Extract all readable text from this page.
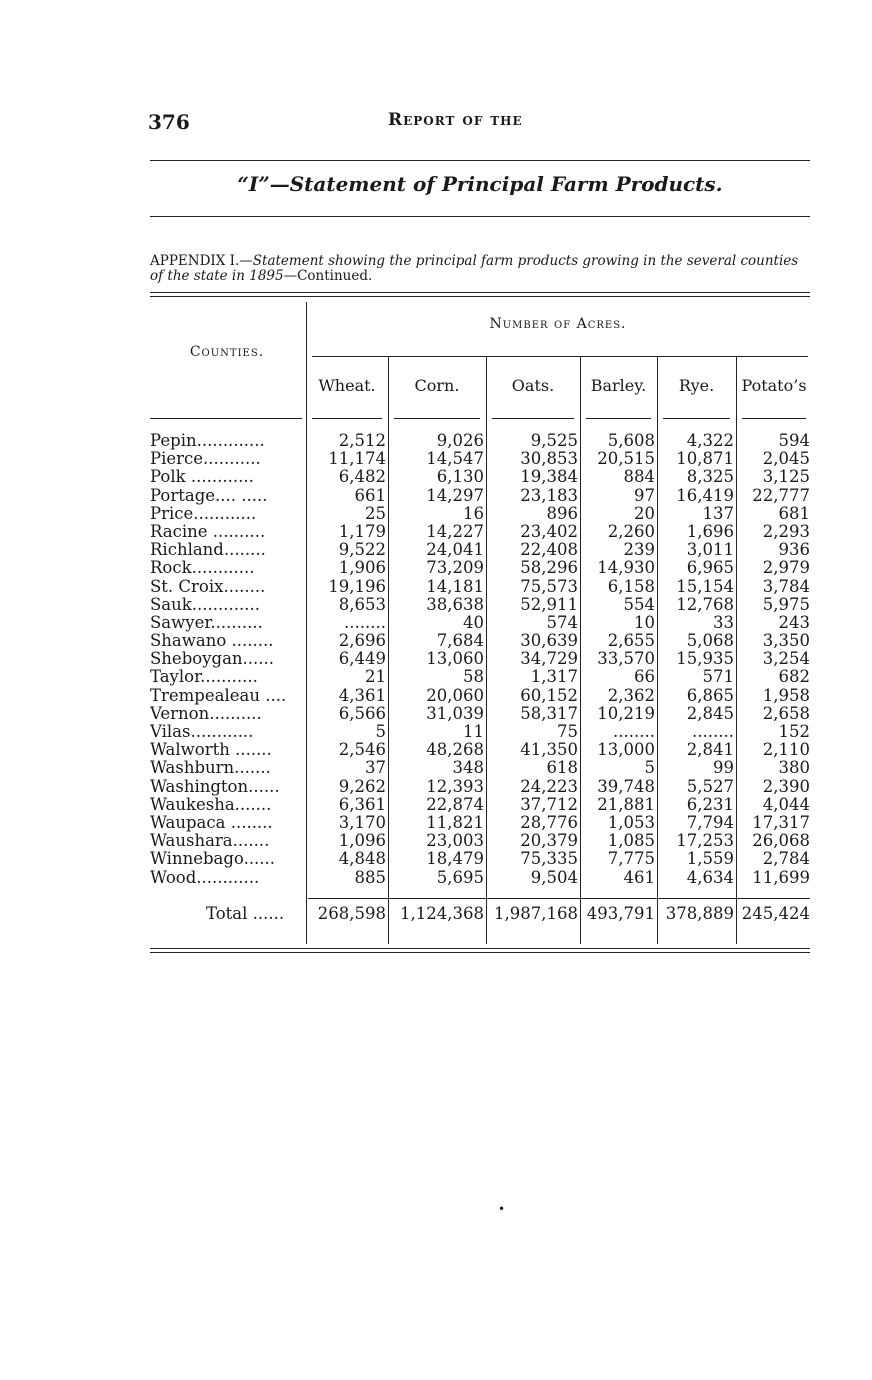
376	Report of the
“I”—Statement of Principal Farm Products.
APPENDIX I.—Statement showing the principal farm products growing in the several counties of the state in 1895—Continued.
Counties.
Number of Acres.
Wheat.	Corn.	Oats.	Barley.	Rye.	Potato’s
Pepin.............	2,512	9,026	9,525 5,608 4,322	594
Pierce...........	11,174 14,547 30,853 20,515 10,871 2,045
Polk ............	6,482	6,130 19,384	884 8,325 3,125
Portage.... .....	661 14,297 23,183	97 16,419 22,777
Price............	25	16	896	20	137	681
Racine ..........	1,179 14,227 23,402 2,260 1,696 2,293
Richland........	9,522 24,041 22,408	239 3,011	936
Rock............	1,906 73,209 58,296 14,930 6,965 2,979
St. Croix........	19,196 14,181 75,573 6,158 15,154 3,784
Sauk.............	8,653 38,638 52,911	554 12,768 5,975
Sawyer..........	........	40	574	10	33	243
Shawano ........	2,696	7,684 30,639 2,655 5,068 3,350
Sheboygan......	6,449 13,060 34,729 33,570 15,935 3,254
Taylor...........	21	58	1,317	66	571	682
Trempealeau ....	4,361 20,060 60,152 2,362 6,865 1,958
Vernon..........	6,566 31,039 58,317 10,219 2,845 2,658
Vilas............	5	11	75 ........ ........	152
Walworth .......	2,546 48,268 41,350 13,000 2,841 2,110
Washburn.......	37	348	618	5	99	380
Washington......	9,262 12,393 24,223 39,748 5,527 2,390
Waukesha.......	6,361 22,874 37,712 21,881 6,231 4,044
Waupaca ........	3,170 11,821 28,776 1,053 7,794 17,317
Waushara.......	1,096 23,003 20,379 1,085 17,253 26,068
Winnebago......	4,848 18,479 75,335 7,775 1,559 2,784
Wood............	885	5,695	9,504	461 4,634 11,699
Total ...... 268,598 1,124,368 1,987,168 493,791 378,889 245,424
•
